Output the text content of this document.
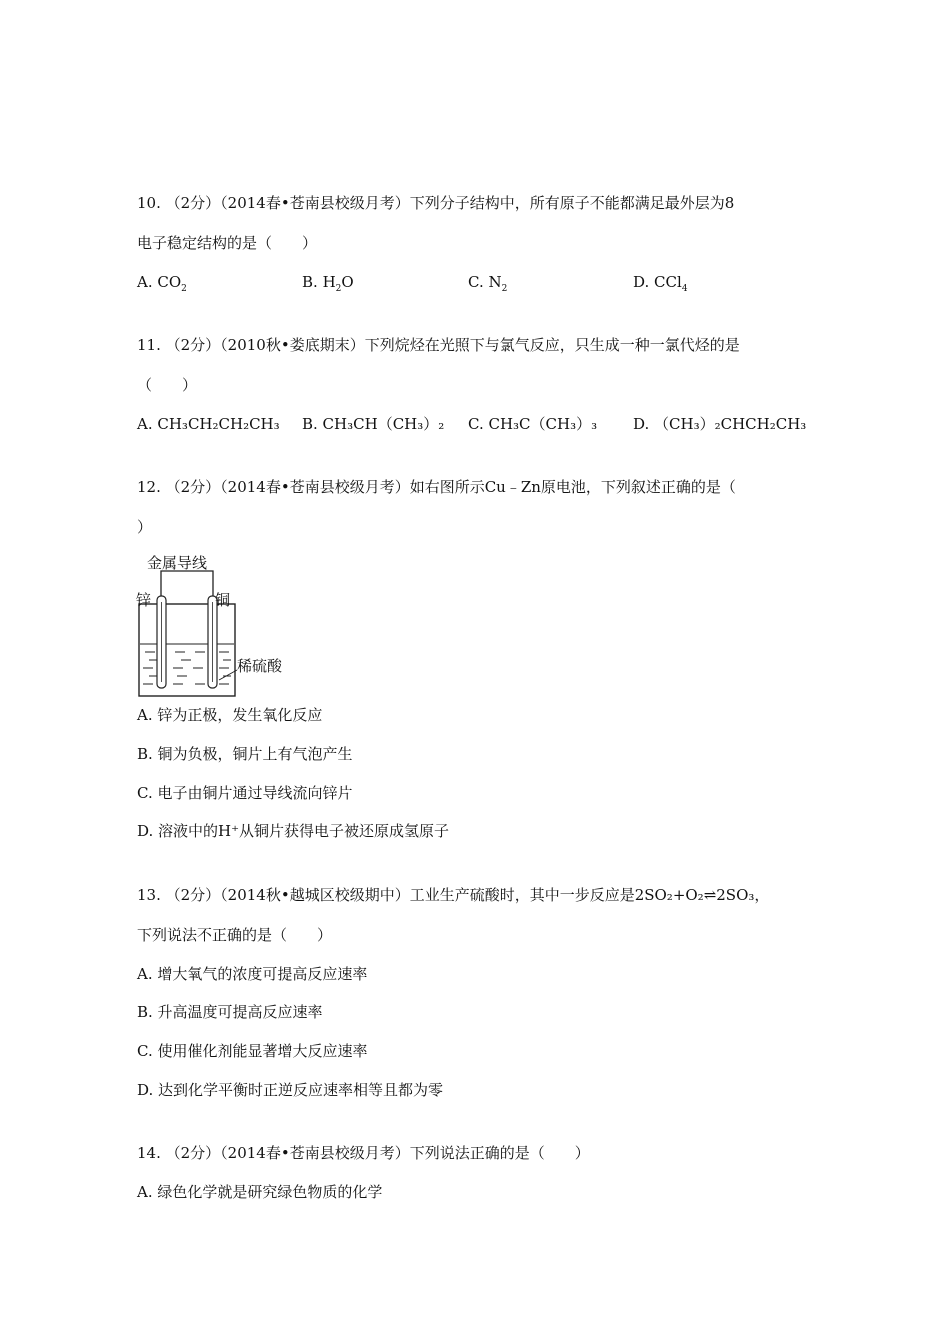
10. （2分）（2014春•苍南县校级月考）下列分子结构中，所有原子不能都满足最外层为8
电子稳定结构的是（　　）
A. $CO_2$	B. $H_2O$	C. $N_2$	D. CCl$_4$
11. （2分）（2010秋•娄底期末）下列烷烃在光照下与氯气反应，只生成一种一氯代烃的是
（　　）
A. CH₃CH₂CH₂CH₃ B. CH₃CH（CH₃）₂ C. CH₃C（CH₃）₃ D. （CH₃）₂CHCH₂CH₃
12. （2分）（2014春•苍南县校级月考）如右图所示Cu﹣Zn原电池，下列叙述正确的是（
）
金属导线
锌	铜
稀硫酸
A. 锌为正极，发生氧化反应
B. 铜为负极，铜片上有气泡产生
C. 电子由铜片通过导线流向锌片
D. 溶液中的H⁺从铜片获得电子被还原成氢原子
13. （2分）（2014秋•越城区校级期中）工业生产硫酸时，其中一步反应是2SO₂+O₂⇌2SO₃，
下列说法不正确的是（　　）
A. 增大氧气的浓度可提高反应速率
B. 升高温度可提高反应速率
C. 使用催化剂能显著增大反应速率
D. 达到化学平衡时正逆反应速率相等且都为零
14. （2分）（2014春•苍南县校级月考）下列说法正确的是（　　）
A. 绿色化学就是研究绿色物质的化学
